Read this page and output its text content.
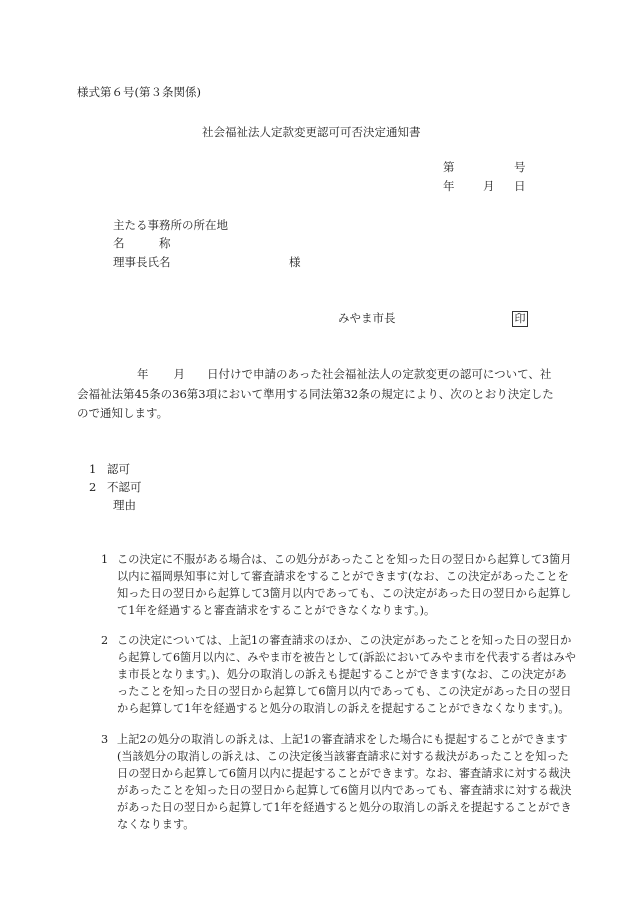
様式第６号(第３条関係)
社会福祉法人定款変更認可可否決定通知書
第	号
年 月 日
主たる事務所の所在地
名　　　称
理事長氏名	様
みやま市長	印
年 月 日付けで申請のあった社会福祉法人の定款変更の認可について、社会福祉法第45条の36第3項において準用する同法第32条の規定により、次のとおり決定したので通知します。
1 認可
2 不認可
理由
1 この決定に不服がある場合は、この処分があったことを知った日の翌日から起算して3箇月以内に福岡県知事に対して審査請求をすることができます(なお、この決定があったことを知った日の翌日から起算して3箇月以内であっても、この決定があった日の翌日から起算して1年を経過すると審査請求をすることができなくなります。)。
2 この決定については、上記1の審査請求のほか、この決定があったことを知った日の翌日から起算して6箇月以内に、みやま市を被告として(訴訟においてみやま市を代表する者はみやま市長となります。)、処分の取消しの訴えも提起することができます(なお、この決定があったことを知った日の翌日から起算して6箇月以内であっても、この決定があった日の翌日から起算して1年を経過すると処分の取消しの訴えを提起することができなくなります。)。
3 上記2の処分の取消しの訴えは、上記1の審査請求をした場合にも提起することができます(当該処分の取消しの訴えは、この決定後当該審査請求に対する裁決があったことを知った日の翌日から起算して6箇月以内に提起することができます。なお、審査請求に対する裁決があったことを知った日の翌日から起算して6箇月以内であっても、審査請求に対する裁決があった日の翌日から起算して1年を経過すると処分の取消しの訴えを提起することができなくなります。
